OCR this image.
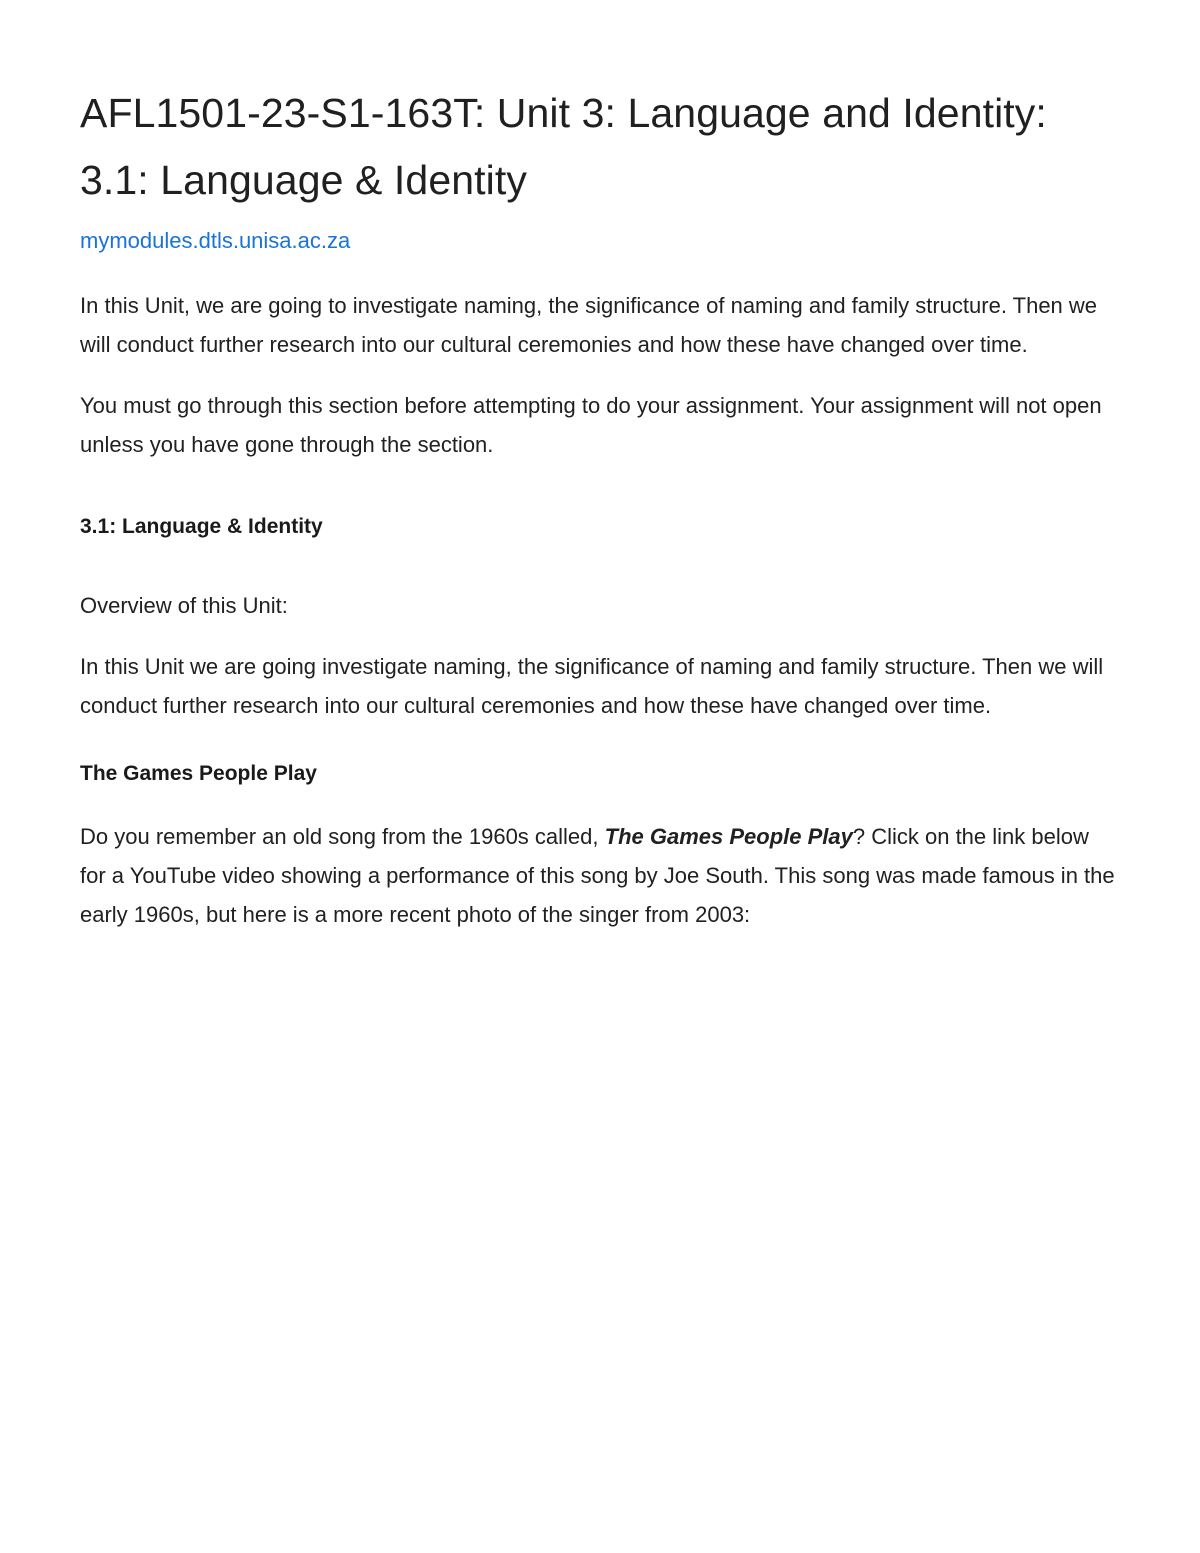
AFL1501-23-S1-163T: Unit 3: Language and Identity:
3.1: Language & Identity
mymodules.dtls.unisa.ac.za

In this Unit, we are going to investigate naming, the significance of naming and family structure. Then we will conduct further research into our cultural ceremonies and how these have changed over time.

You must go through this section before attempting to do your assignment. Your assignment will not open unless you have gone through the section.

3.1: Language & Identity

Overview of this Unit:

In this Unit we are going investigate naming, the significance of naming and family structure. Then we will conduct further research into our cultural ceremonies and how these have changed over time.

The Games People Play

Do you remember an old song from the 1960s called, The Games People Play? Click on the link below for a YouTube video showing a performance of this song by Joe South. This song was made famous in the early 1960s, but here is a more recent photo of the singer from 2003:
